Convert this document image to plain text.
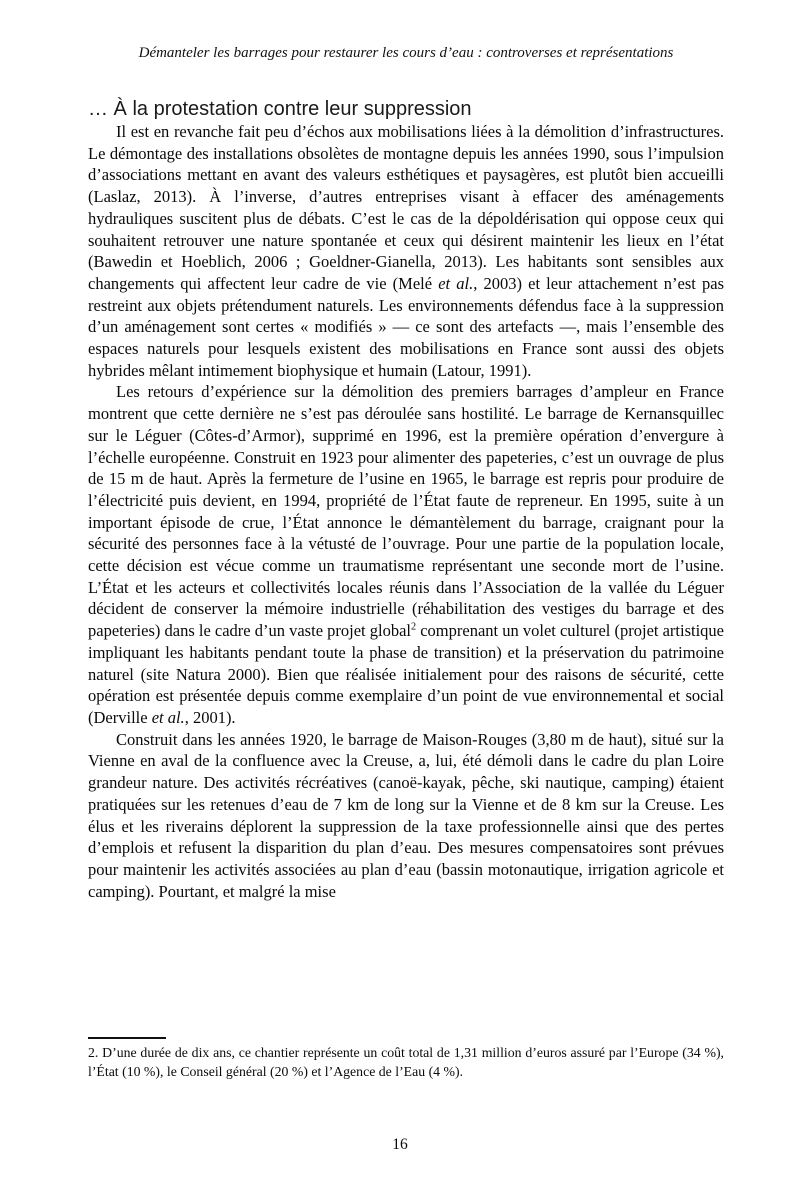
Démanteler les barrages pour restaurer les cours d’eau : controverses et représentations
… À la protestation contre leur suppression

Il est en revanche fait peu d’échos aux mobilisations liées à la démolition d’infrastructures. Le démontage des installations obsolètes de montagne depuis les années 1990, sous l’impulsion d’associations mettant en avant des valeurs esthétiques et paysagères, est plutôt bien accueilli (Laslaz, 2013). À l’inverse, d’autres entreprises visant à effacer des aménagements hydrauliques suscitent plus de débats. C’est le cas de la dépoldérisation qui oppose ceux qui souhaitent retrouver une nature spontanée et ceux qui désirent maintenir les lieux en l’état (Bawedin et Hoeblich, 2006 ; Goeldner-Gianella, 2013). Les habitants sont sensibles aux changements qui affectent leur cadre de vie (Melé et al., 2003) et leur attachement n’est pas restreint aux objets prétendument naturels. Les environnements défendus face à la suppression d’un aménagement sont certes « modifiés » — ce sont des artefacts —, mais l’ensemble des espaces naturels pour lesquels existent des mobilisations en France sont aussi des objets hybrides mêlant intimement biophysique et humain (Latour, 1991).

Les retours d’expérience sur la démolition des premiers barrages d’ampleur en France montrent que cette dernière ne s’est pas déroulée sans hostilité. Le barrage de Kernansquillec sur le Léguer (Côtes-d’Armor), supprimé en 1996, est la première opération d’envergure à l’échelle européenne. Construit en 1923 pour alimenter des papeteries, c’est un ouvrage de plus de 15 m de haut. Après la fermeture de l’usine en 1965, le barrage est repris pour produire de l’électricité puis devient, en 1994, propriété de l’État faute de repreneur. En 1995, suite à un important épisode de crue, l’État annonce le démantèlement du barrage, craignant pour la sécurité des personnes face à la vétusté de l’ouvrage. Pour une partie de la population locale, cette décision est vécue comme un traumatisme représentant une seconde mort de l’usine. L’État et les acteurs et collectivités locales réunis dans l’Association de la vallée du Léguer décident de conserver la mémoire industrielle (réhabilitation des vestiges du barrage et des papeteries) dans le cadre d’un vaste projet global$^2$ comprenant un volet culturel (projet artistique impliquant les habitants pendant toute la phase de transition) et la préservation du patrimoine naturel (site Natura 2000). Bien que réalisée initialement pour des raisons de sécurité, cette opération est présentée depuis comme exemplaire d’un point de vue environnemental et social (Derville et al., 2001).

Construit dans les années 1920, le barrage de Maison-Rouges (3,80 m de haut), situé sur la Vienne en aval de la confluence avec la Creuse, a, lui, été démoli dans le cadre du plan Loire grandeur nature. Des activités récréatives (canoë-kayak, pêche, ski nautique, camping) étaient pratiquées sur les retenues d’eau de 7 km de long sur la Vienne et de 8 km sur la Creuse. Les élus et les riverains déplorent la suppression de la taxe professionnelle ainsi que des pertes d’emplois et refusent la disparition du plan d’eau. Des mesures compensatoires sont prévues pour maintenir les activités associées au plan d’eau (bassin motonautique, irrigation agricole et camping). Pourtant, et malgré la mise

2. D’une durée de dix ans, ce chantier représente un coût total de 1,31 million d’euros assuré par l’Europe (34 %), l’État (10 %), le Conseil général (20 %) et l’Agence de l’Eau (4 %).
16
